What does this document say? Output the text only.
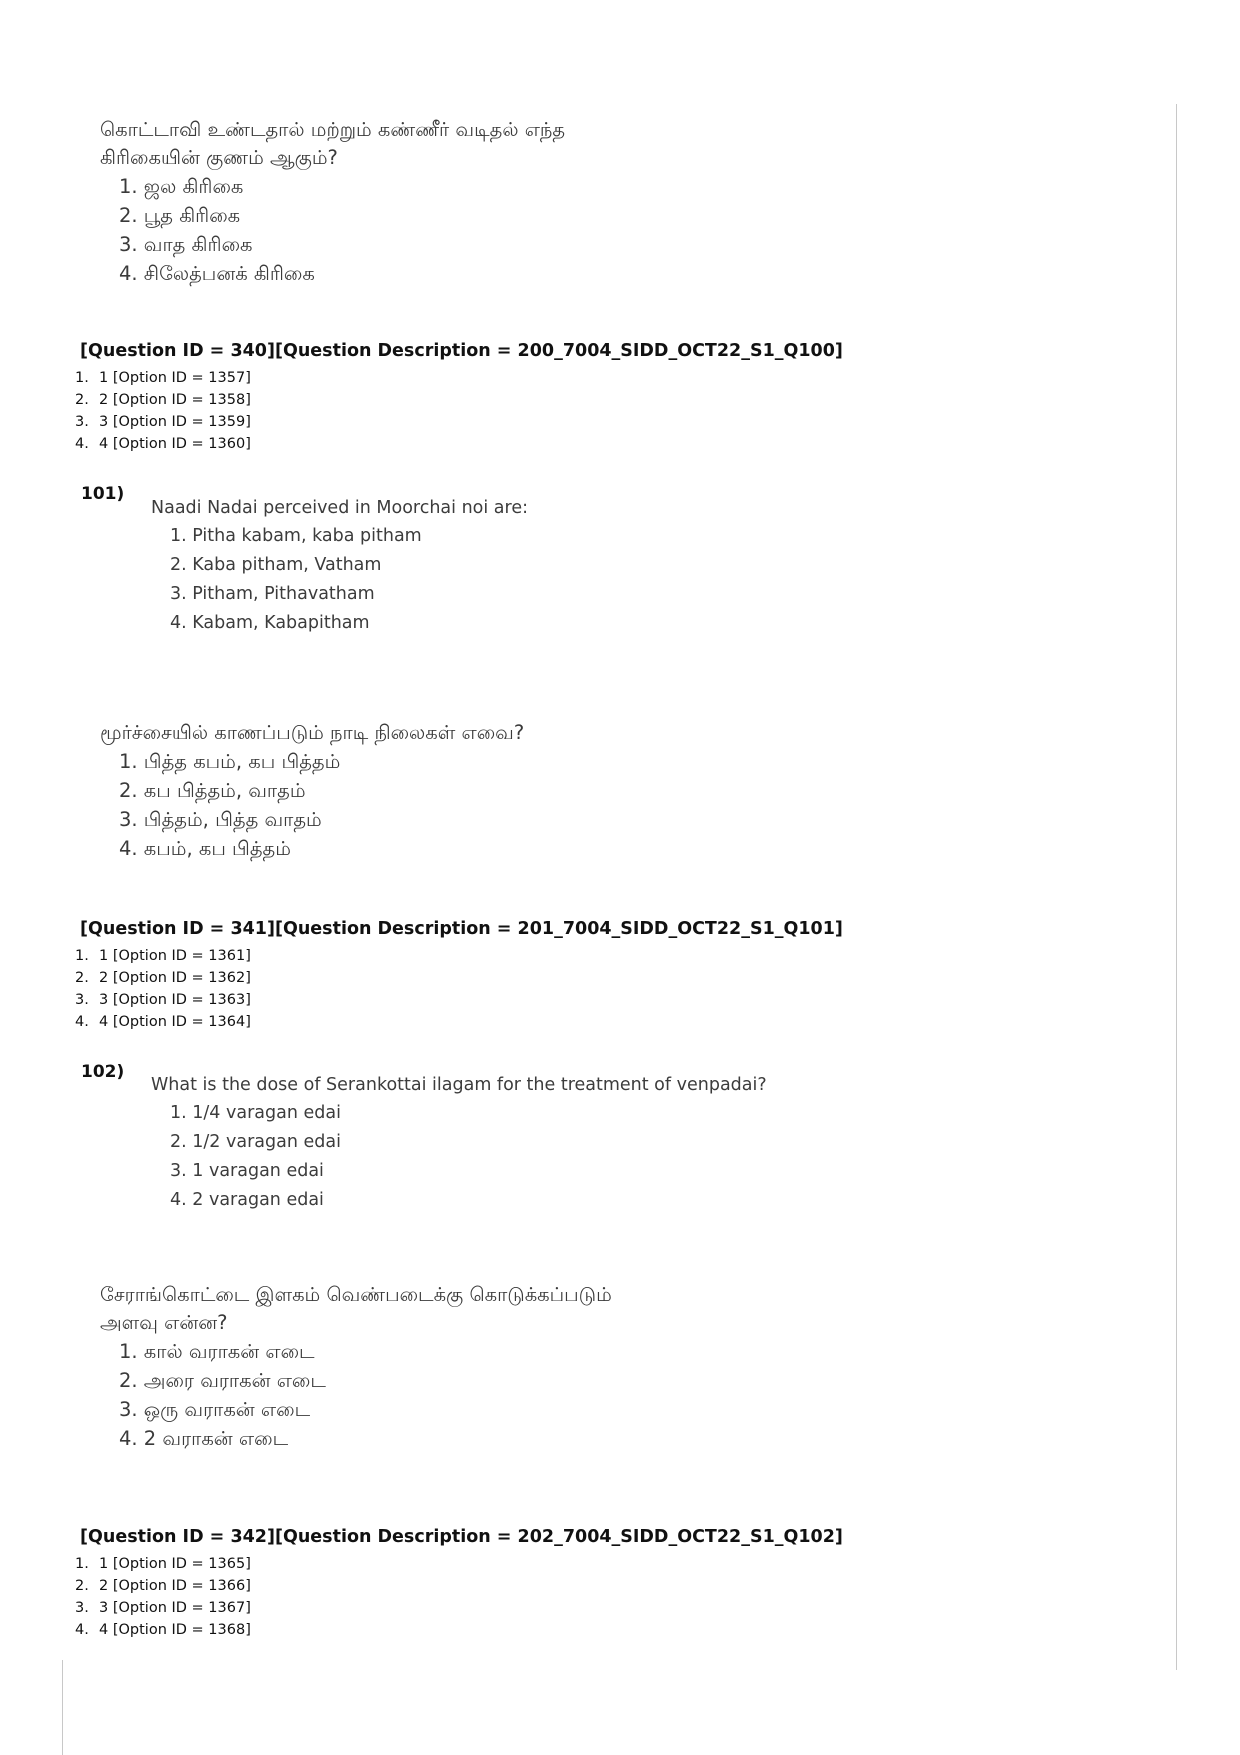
கொட்டாவி உண்டதால் மற்றும் கண்ணீர் வடிதல் எந்த
கிரிகையின் குணம் ஆகும்?
1. ஜல கிரிகை
2. பூத கிரிகை
3. வாத கிரிகை
4. சிலேத்பனக் கிரிகை
[Question ID = 340][Question Description = 200_7004_SIDD_OCT22_S1_Q100]
1. 1 [Option ID = 1357]
2. 2 [Option ID = 1358]
3. 3 [Option ID = 1359]
4. 4 [Option ID = 1360]
101)
Naadi Nadai perceived in Moorchai noi are:
1. Pitha kabam, kaba pitham
2. Kaba pitham, Vatham
3. Pitham, Pithavatham
4. Kabam, Kabapitham
மூர்ச்சையில் காணப்படும் நாடி நிலைகள் எவை?
1. பித்த கபம், கப பித்தம்
2. கப பித்தம், வாதம்
3. பித்தம், பித்த வாதம்
4. கபம், கப பித்தம்
[Question ID = 341][Question Description = 201_7004_SIDD_OCT22_S1_Q101]
1. 1 [Option ID = 1361]
2. 2 [Option ID = 1362]
3. 3 [Option ID = 1363]
4. 4 [Option ID = 1364]
102)
What is the dose of Serankottai ilagam for the treatment of venpadai?
1. 1/4 varagan edai
2. 1/2 varagan edai
3. 1 varagan edai
4. 2 varagan edai
சேராங்கொட்டை இளகம் வெண்படைக்கு கொடுக்கப்படும்
அளவு என்ன?
1. கால் வராகன் எடை
2. அரை வராகன் எடை
3. ஒரு வராகன் எடை
4. 2 வராகன் எடை
[Question ID = 342][Question Description = 202_7004_SIDD_OCT22_S1_Q102]
1. 1 [Option ID = 1365]
2. 2 [Option ID = 1366]
3. 3 [Option ID = 1367]
4. 4 [Option ID = 1368]
